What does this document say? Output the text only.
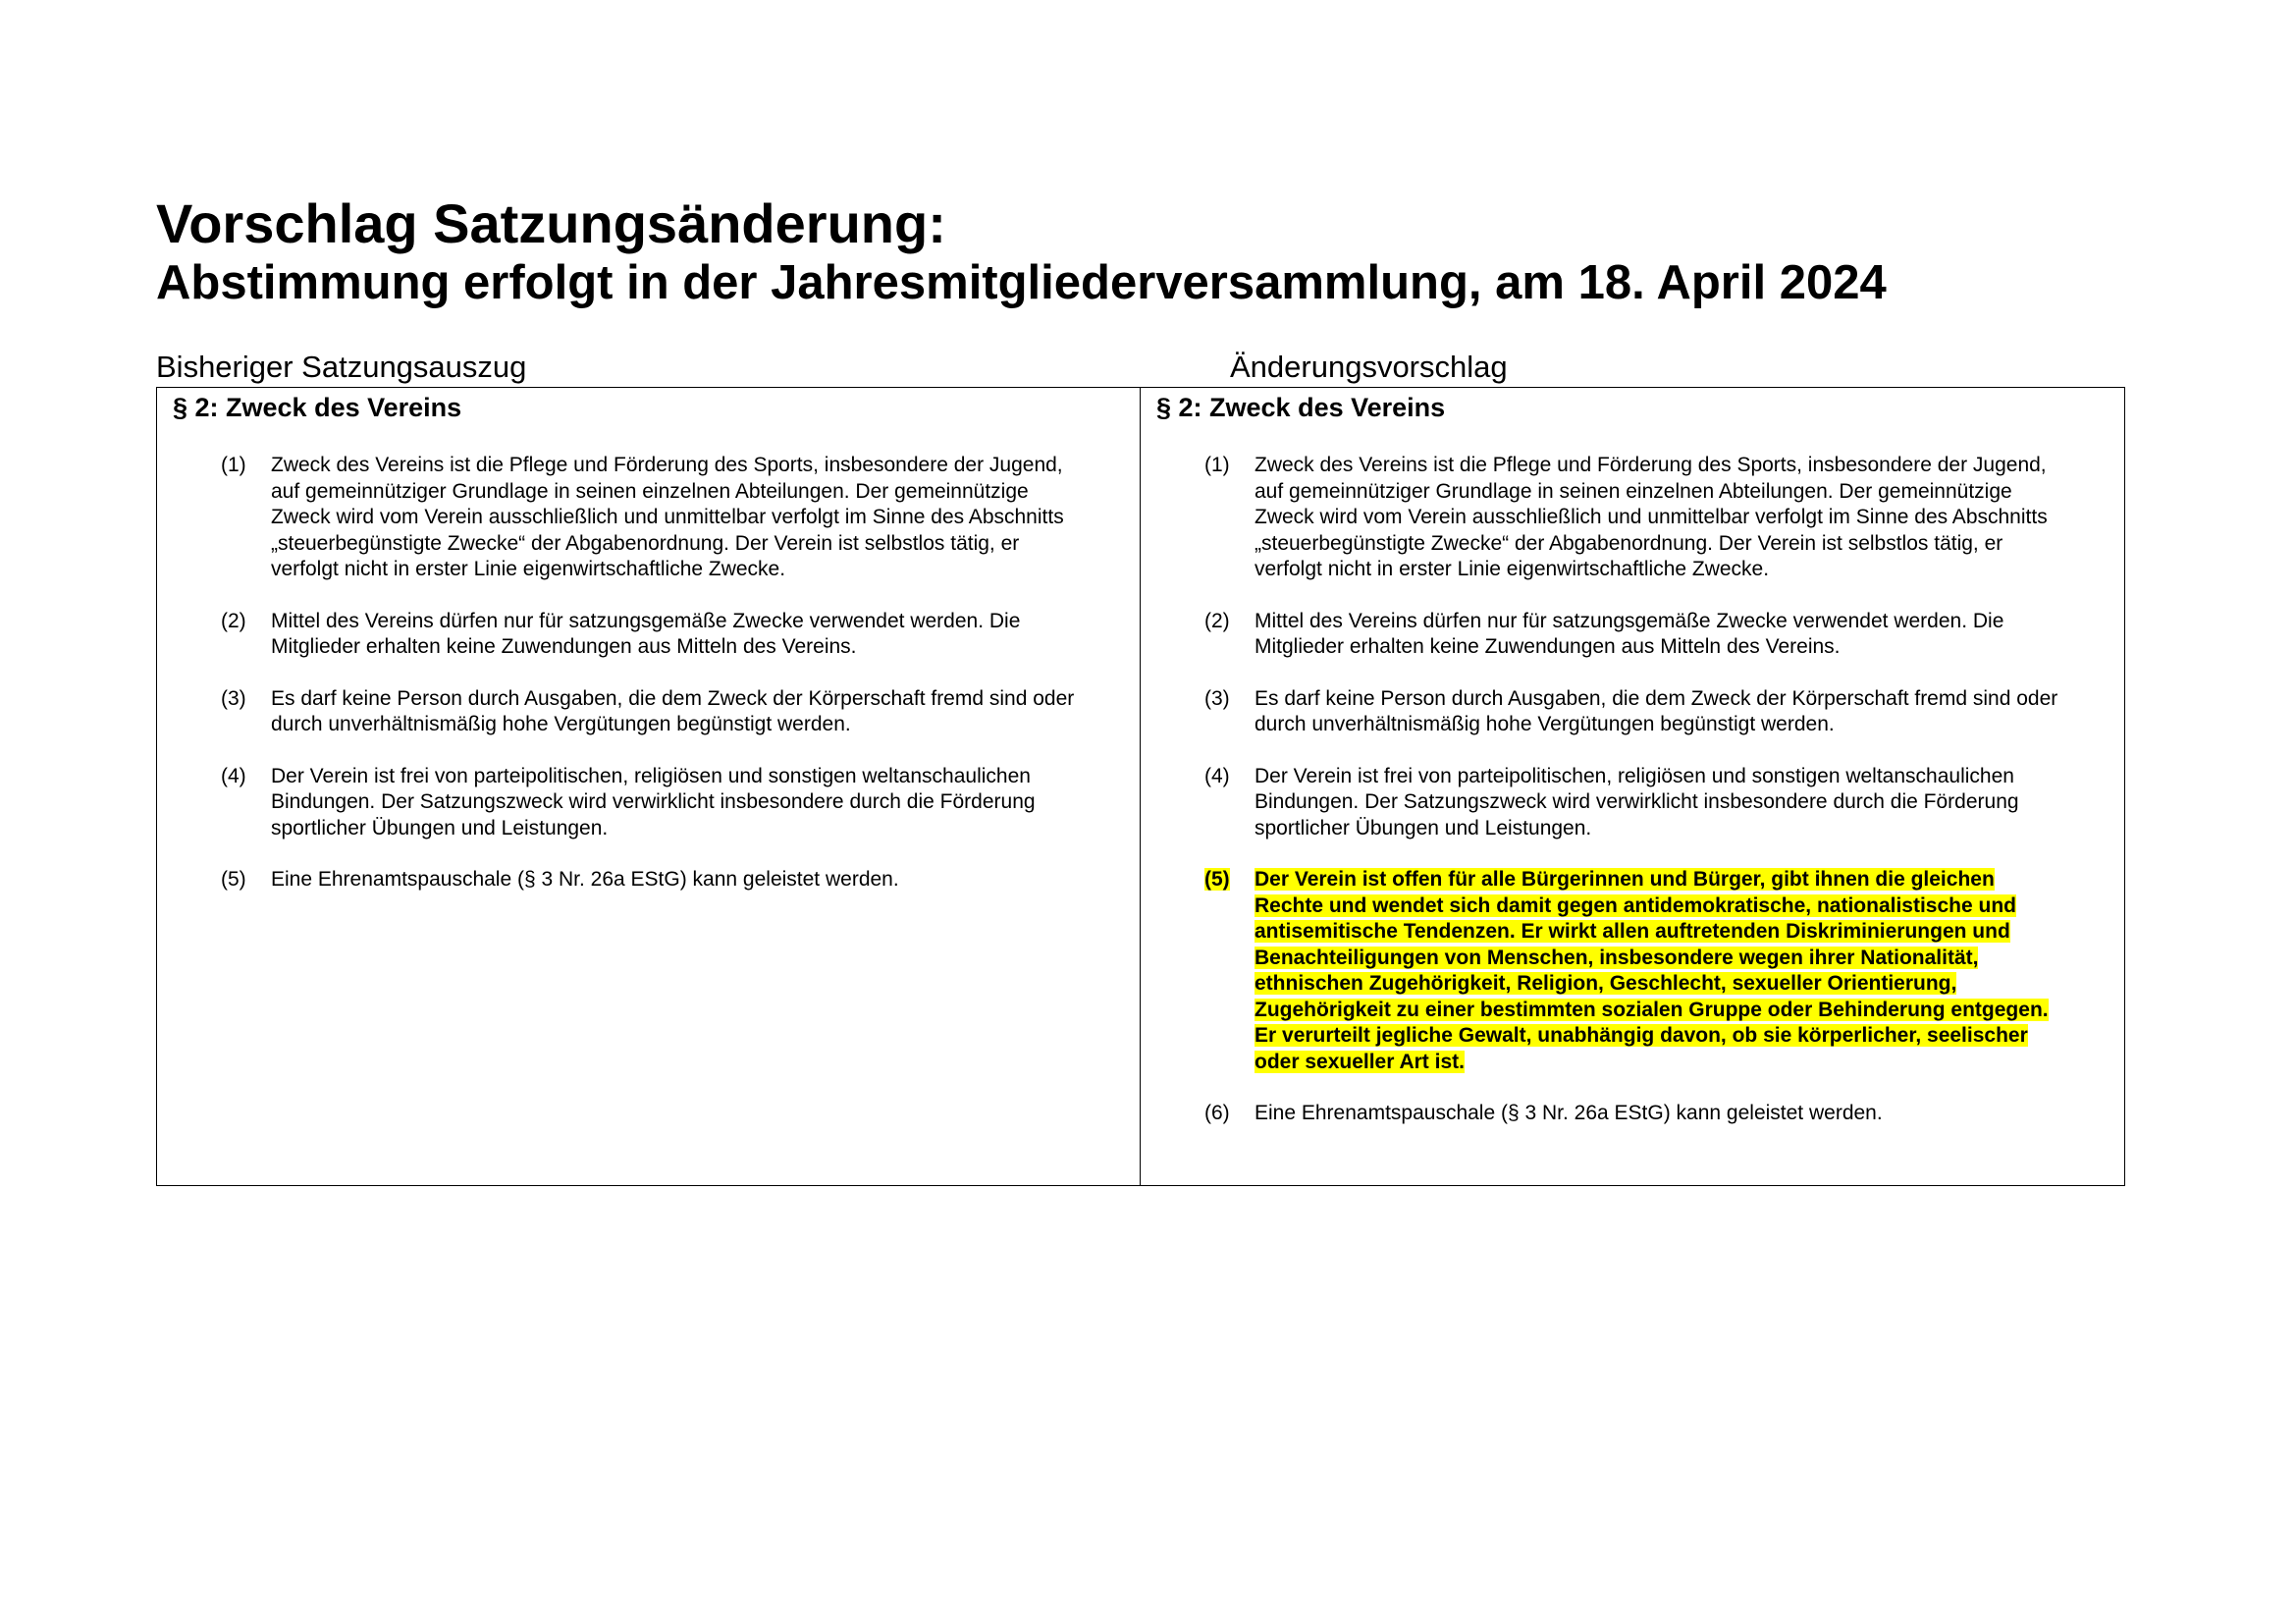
Vorschlag Satzungsänderung:
Abstimmung erfolgt in der Jahresmitgliederversammlung, am 18. April 2024
Bisheriger Satzungsauszug	Änderungsvorschlag
§ 2: Zweck des Vereins
(1)	Zweck des Vereins ist die Pflege und Förderung des Sports, insbesondere der Jugend, auf gemeinnütziger Grundlage in seinen einzelnen Abteilungen. Der gemeinnützige Zweck wird vom Verein ausschließlich und unmittelbar verfolgt im Sinne des Abschnitts „steuerbegünstigte Zwecke“ der Abgabenordnung. Der Verein ist selbstlos tätig, er verfolgt nicht in erster Linie eigenwirtschaftliche Zwecke.
(2)	Mittel des Vereins dürfen nur für satzungsgemäße Zwecke verwendet werden. Die Mitglieder erhalten keine Zuwendungen aus Mitteln des Vereins.
(3)	Es darf keine Person durch Ausgaben, die dem Zweck der Körperschaft fremd sind oder durch unverhältnismäßig hohe Vergütungen begünstigt werden.
(4)	Der Verein ist frei von parteipolitischen, religiösen und sonstigen weltanschaulichen Bindungen. Der Satzungszweck wird verwirklicht insbesondere durch die Förderung sportlicher Übungen und Leistungen.
(5)	Eine Ehrenamtspauschale (§ 3 Nr. 26a EStG) kann geleistet werden.
§ 2: Zweck des Vereins
(1)	Zweck des Vereins ist die Pflege und Förderung des Sports, insbesondere der Jugend, auf gemeinnütziger Grundlage in seinen einzelnen Abteilungen. Der gemeinnützige Zweck wird vom Verein ausschließlich und unmittelbar verfolgt im Sinne des Abschnitts „steuerbegünstigte Zwecke“ der Abgabenordnung. Der Verein ist selbstlos tätig, er verfolgt nicht in erster Linie eigenwirtschaftliche Zwecke.
(2)	Mittel des Vereins dürfen nur für satzungsgemäße Zwecke verwendet werden. Die Mitglieder erhalten keine Zuwendungen aus Mitteln des Vereins.
(3)	Es darf keine Person durch Ausgaben, die dem Zweck der Körperschaft fremd sind oder durch unverhältnismäßig hohe Vergütungen begünstigt werden.
(4)	Der Verein ist frei von parteipolitischen, religiösen und sonstigen weltanschaulichen Bindungen. Der Satzungszweck wird verwirklicht insbesondere durch die Förderung sportlicher Übungen und Leistungen.
(5)	Der Verein ist offen für alle Bürgerinnen und Bürger, gibt ihnen die gleichen Rechte und wendet sich damit gegen antidemokratische, nationalistische und antisemitische Tendenzen. Er wirkt allen auftretenden Diskriminierungen und Benachteiligungen von Menschen, insbesondere wegen ihrer Nationalität, ethnischen Zugehörigkeit, Religion, Geschlecht, sexueller Orientierung, Zugehörigkeit zu einer bestimmten sozialen Gruppe oder Behinderung entgegen. Er verurteilt jegliche Gewalt, unabhängig davon, ob sie körperlicher, seelischer oder sexueller Art ist.
(6)	Eine Ehrenamtspauschale (§ 3 Nr. 26a EStG) kann geleistet werden.
